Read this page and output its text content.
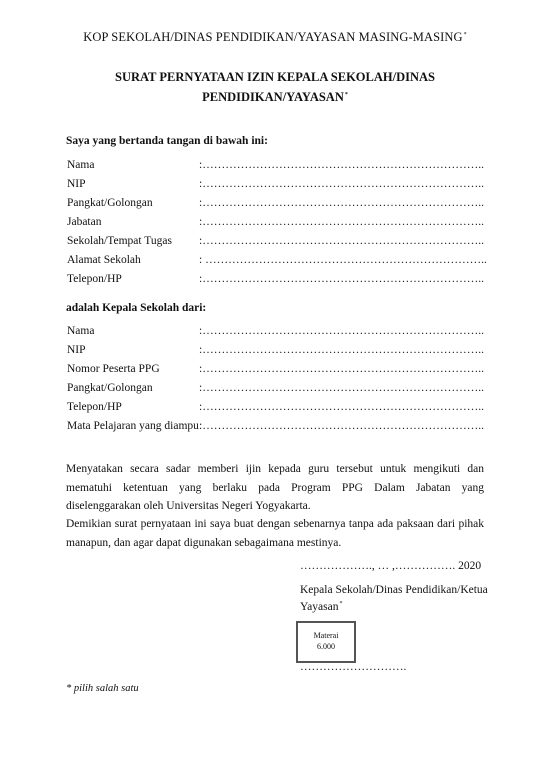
KOP SEKOLAH/DINAS PENDIDIKAN/YAYASAN MASING-MASING*
SURAT PERNYATAAN IZIN KEPALA SEKOLAH/DINAS
PENDIDIKAN/YAYASAN*
Saya yang bertanda tangan di bawah ini:
Nama	:………………………………………………………………..
NIP	:………………………………………………………………..
Pangkat/Golongan	:………………………………………………………………..
Jabatan	:………………………………………………………………..
Sekolah/Tempat Tugas :………………………………………………………………..
Alamat Sekolah	: ………………………………………………………………..
Telepon/HP	:………………………………………………………………..
adalah Kepala Sekolah dari:
Nama	:………………………………………………………………..
NIP	:………………………………………………………………..
Nomor Peserta PPG	:………………………………………………………………..
Pangkat/Golongan	:………………………………………………………………..
Telepon/HP	:………………………………………………………………..
Mata Pelajaran yang diampu :………………………………………………………………..
Menyatakan secara sadar memberi ijin kepada guru tersebut untuk mengikuti dan mematuhi ketentuan yang berlaku pada Program PPG Dalam Jabatan yang diselenggarakan oleh Universitas Negeri Yogyakarta.
Demikian surat pernyataan ini saya buat dengan sebenarnya tanpa ada paksaan dari pihak manapun, dan agar dapat digunakan sebagaimana mestinya.
………………., … ,……………. 2020
Kepala Sekolah/Dinas Pendidikan/Ketua
Yayasan*
Materai
6.000
……………………….
* pilih salah satu
